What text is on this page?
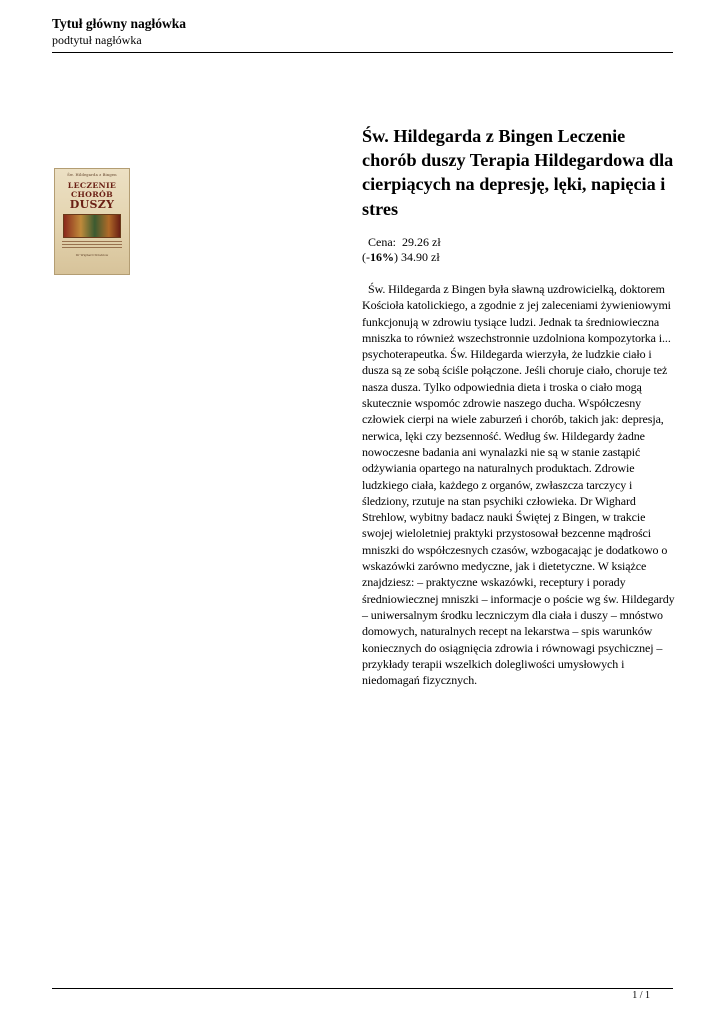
Tytuł główny nagłówka
podtytuł nagłówka
Św. Hildegarda z Bingen
LECZENIE
CHORÓB
DUSZY
Dr Wighard Strehlow
Św. Hildegarda z Bingen Leczenie chorób duszy Terapia Hildegardowa dla cierpiących na depresję, lęki, napięcia i stres
Cena: 29.26 zł
(-16%) 34.90 zł

Św. Hildegarda z Bingen była sławną uzdrowicielką, doktorem Kościoła katolickiego, a zgodnie z jej zaleceniami żywieniowymi funkcjonują w zdrowiu tysiące ludzi. Jednak ta średniowieczna mniszka to również wszechstronnie uzdolniona kompozytorka i... psychoterapeutka. Św. Hildegarda wierzyła, że ludzkie ciało i dusza są ze sobą ściśle połączone. Jeśli choruje ciało, choruje też nasza dusza. Tylko odpowiednia dieta i troska o ciało mogą skutecznie wspomóc zdrowie naszego ducha. Współczesny człowiek cierpi na wiele zaburzeń i chorób, takich jak: depresja, nerwica, lęki czy bezsenność. Według św. Hildegardy żadne nowoczesne badania ani wynalazki nie są w stanie zastąpić odżywiania opartego na naturalnych produktach. Zdrowie ludzkiego ciała, każdego z organów, zwłaszcza tarczycy i śledziony, rzutuje na stan psychiki człowieka. Dr Wighard Strehlow, wybitny badacz nauki Świętej z Bingen, w trakcie swojej wieloletniej praktyki przystosował bezcenne mądrości mniszki do współczesnych czasów, wzbogacając je dodatkowo o wskazówki zarówno medyczne, jak i dietetyczne. W książce znajdziesz: – praktyczne wskazówki, receptury i porady średniowiecznej mniszki – informacje o poście wg św. Hildegardy – uniwersalnym środku leczniczym dla ciała i duszy – mnóstwo domowych, naturalnych recept na lekarstwa – spis warunków koniecznych do osiągnięcia zdrowia i równowagi psychicznej – przykłady terapii wszelkich dolegliwości umysłowych i niedomagań fizycznych.

1 / 1
